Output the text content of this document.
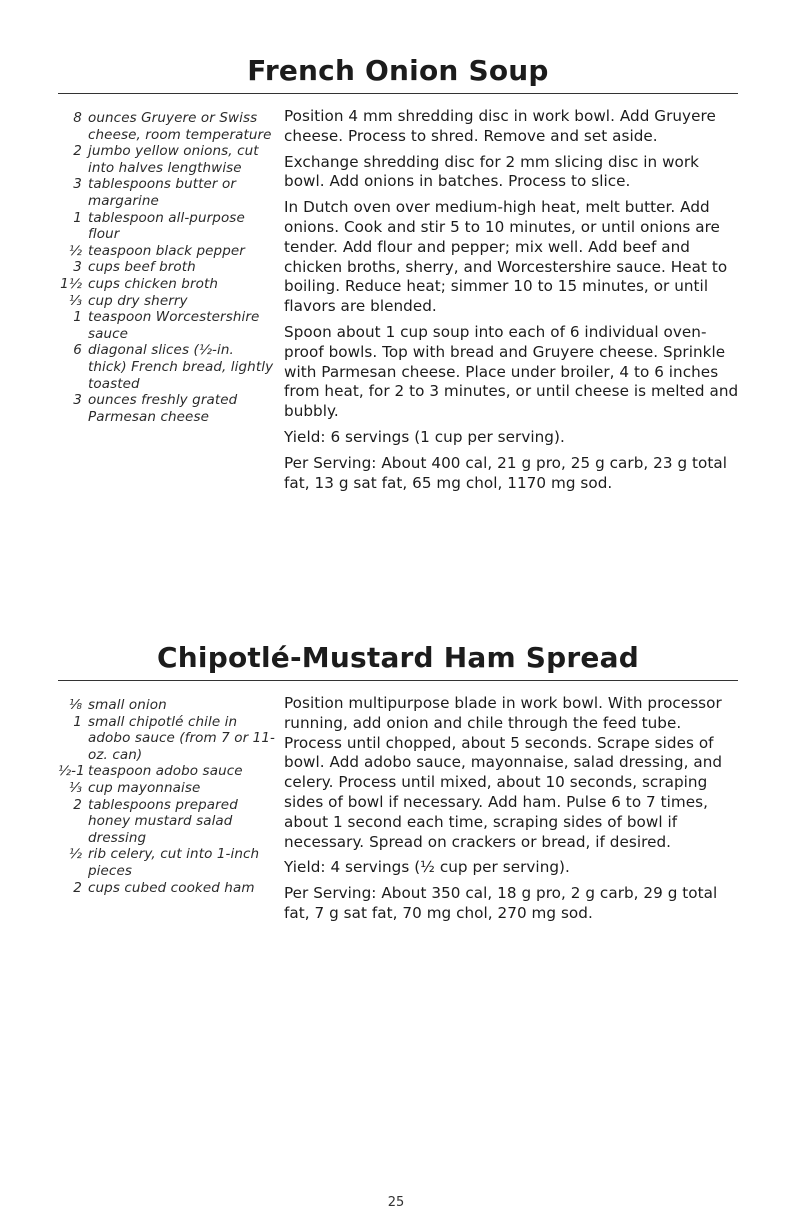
French Onion Soup
8 ounces Gruyere or Swiss cheese, room temperature
2 jumbo yellow onions, cut into halves lengthwise
3 tablespoons butter or margarine
1 tablespoon all-purpose flour
½ teaspoon black pepper
3 cups beef broth
1½ cups chicken broth
⅓ cup dry sherry
1 teaspoon Worcestershire sauce
6 diagonal slices (½-in. thick) French bread, lightly toasted
3 ounces freshly grated Parmesan cheese

Position 4 mm shredding disc in work bowl. Add Gruyere cheese. Process to shred. Remove and set aside.

Exchange shredding disc for 2 mm slicing disc in work bowl. Add onions in batches. Process to slice.

In Dutch oven over medium-high heat, melt butter. Add onions. Cook and stir 5 to 10 minutes, or until onions are tender. Add flour and pepper; mix well. Add beef and chicken broths, sherry, and Worcestershire sauce. Heat to boiling. Reduce heat; simmer 10 to 15 minutes, or until flavors are blended.

Spoon about 1 cup soup into each of 6 individual oven-proof bowls. Top with bread and Gruyere cheese. Sprinkle with Parmesan cheese. Place under broiler, 4 to 6 inches from heat, for 2 to 3 minutes, or until cheese is melted and bubbly.

Yield: 6 servings (1 cup per serving).

Per Serving: About 400 cal, 21 g pro, 25 g carb, 23 g total fat, 13 g sat fat, 65 mg chol, 1170 mg sod.

Chipotlé-Mustard Ham Spread
⅛ small onion
1 small chipotlé chile in adobo sauce (from 7 or 11-oz. can)
½-1 teaspoon adobo sauce
⅓ cup mayonnaise
2 tablespoons prepared honey mustard salad dressing
½ rib celery, cut into 1-inch pieces
2 cups cubed cooked ham

Position multipurpose blade in work bowl. With processor running, add onion and chile through the feed tube. Process until chopped, about 5 seconds. Scrape sides of bowl. Add adobo sauce, mayonnaise, salad dressing, and celery. Process until mixed, about 10 seconds, scraping sides of bowl if necessary. Add ham. Pulse 6 to 7 times, about 1 second each time, scraping sides of bowl if necessary. Spread on crackers or bread, if desired.

Yield: 4 servings (½ cup per serving).

Per Serving: About 350 cal, 18 g pro, 2 g carb, 29 g total fat, 7 g sat fat, 70 mg chol, 270 mg sod.

25
